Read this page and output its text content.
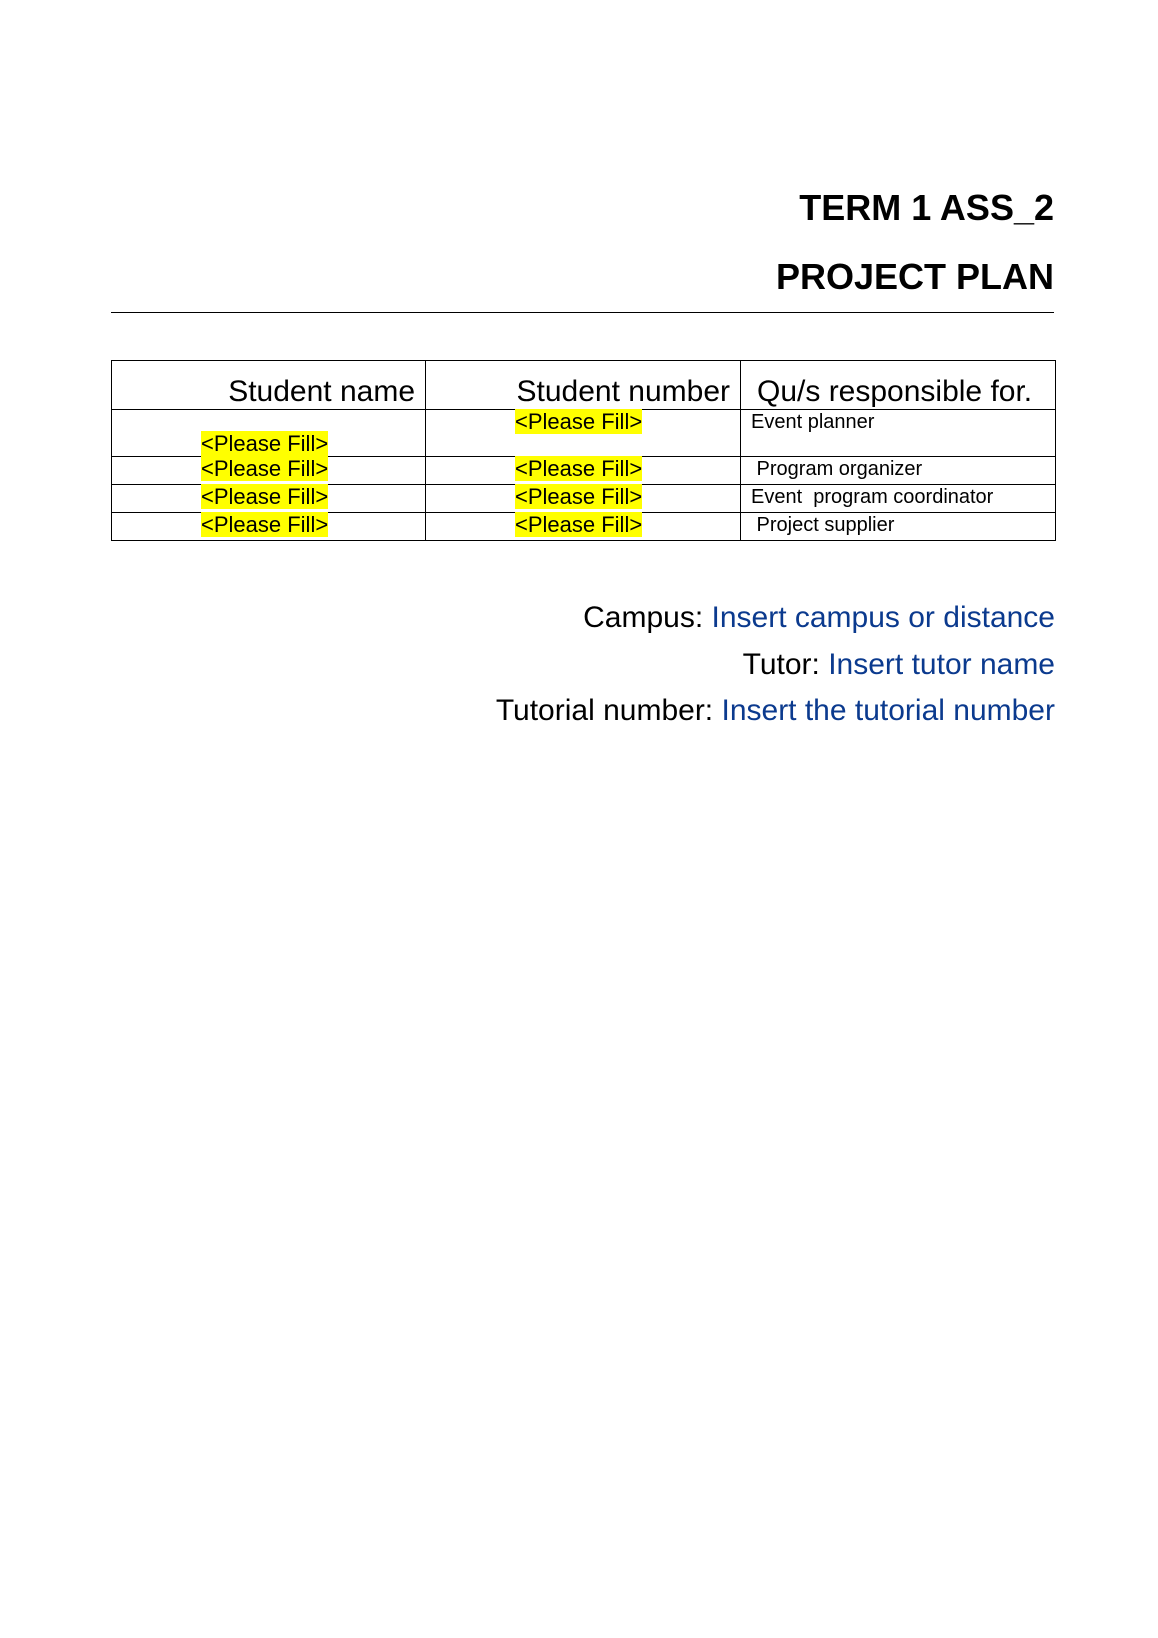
TERM 1 ASS_2
PROJECT PLAN
Student name	Student number	Qu/s responsible for.
<Please Fill>	<Please Fill>	Event planner
<Please Fill>	<Please Fill>	Program organizer
<Please Fill>	<Please Fill>	Event  program coordinator
<Please Fill>	<Please Fill>	Project supplier
Campus: Insert campus or distance
Tutor: Insert tutor name
Tutorial number: Insert the tutorial number
